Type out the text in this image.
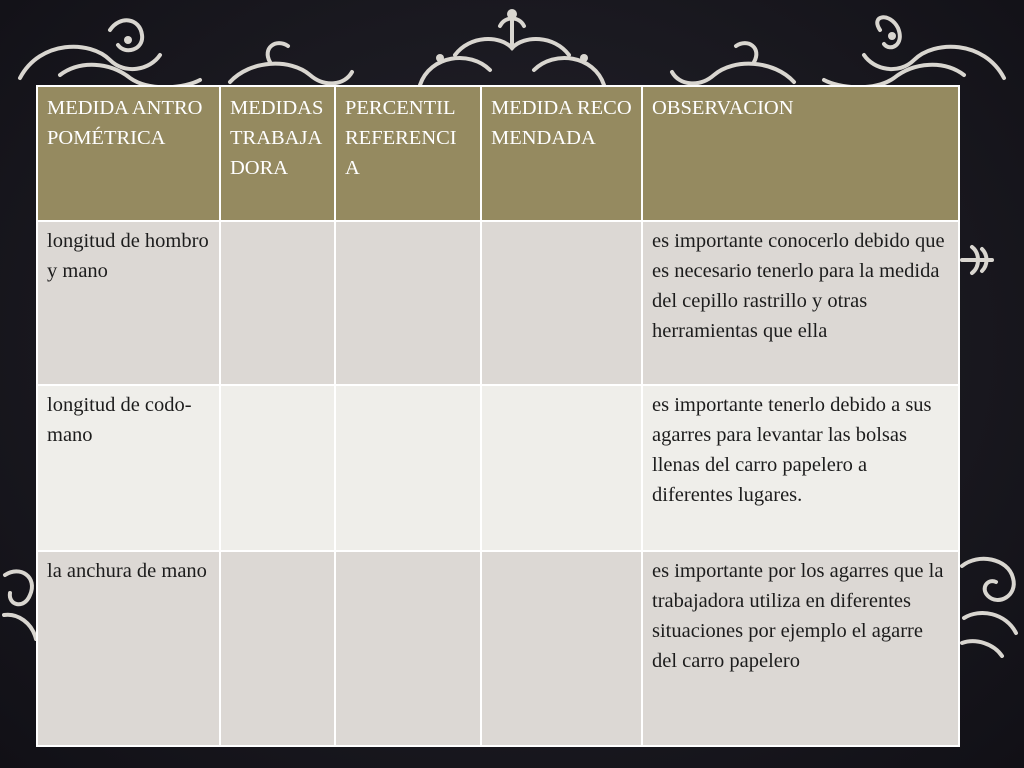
MEDIDA ANTROPOMÉTRICA	MEDIDAS TRABAJADORA	PERCENTIL REFERENCIA	MEDIDA RECOMENDADA	OBSERVACION
longitud de hombro y mano				es importante conocerlo debido que es necesario tenerlo para la medida del cepillo rastrillo y otras herramientas que ella
longitud de codo-mano				es importante tenerlo debido a sus agarres para levantar las bolsas llenas del carro papelero a diferentes lugares.
la anchura de mano				es importante por los agarres que la trabajadora utiliza en diferentes situaciones por ejemplo el agarre del carro papelero
